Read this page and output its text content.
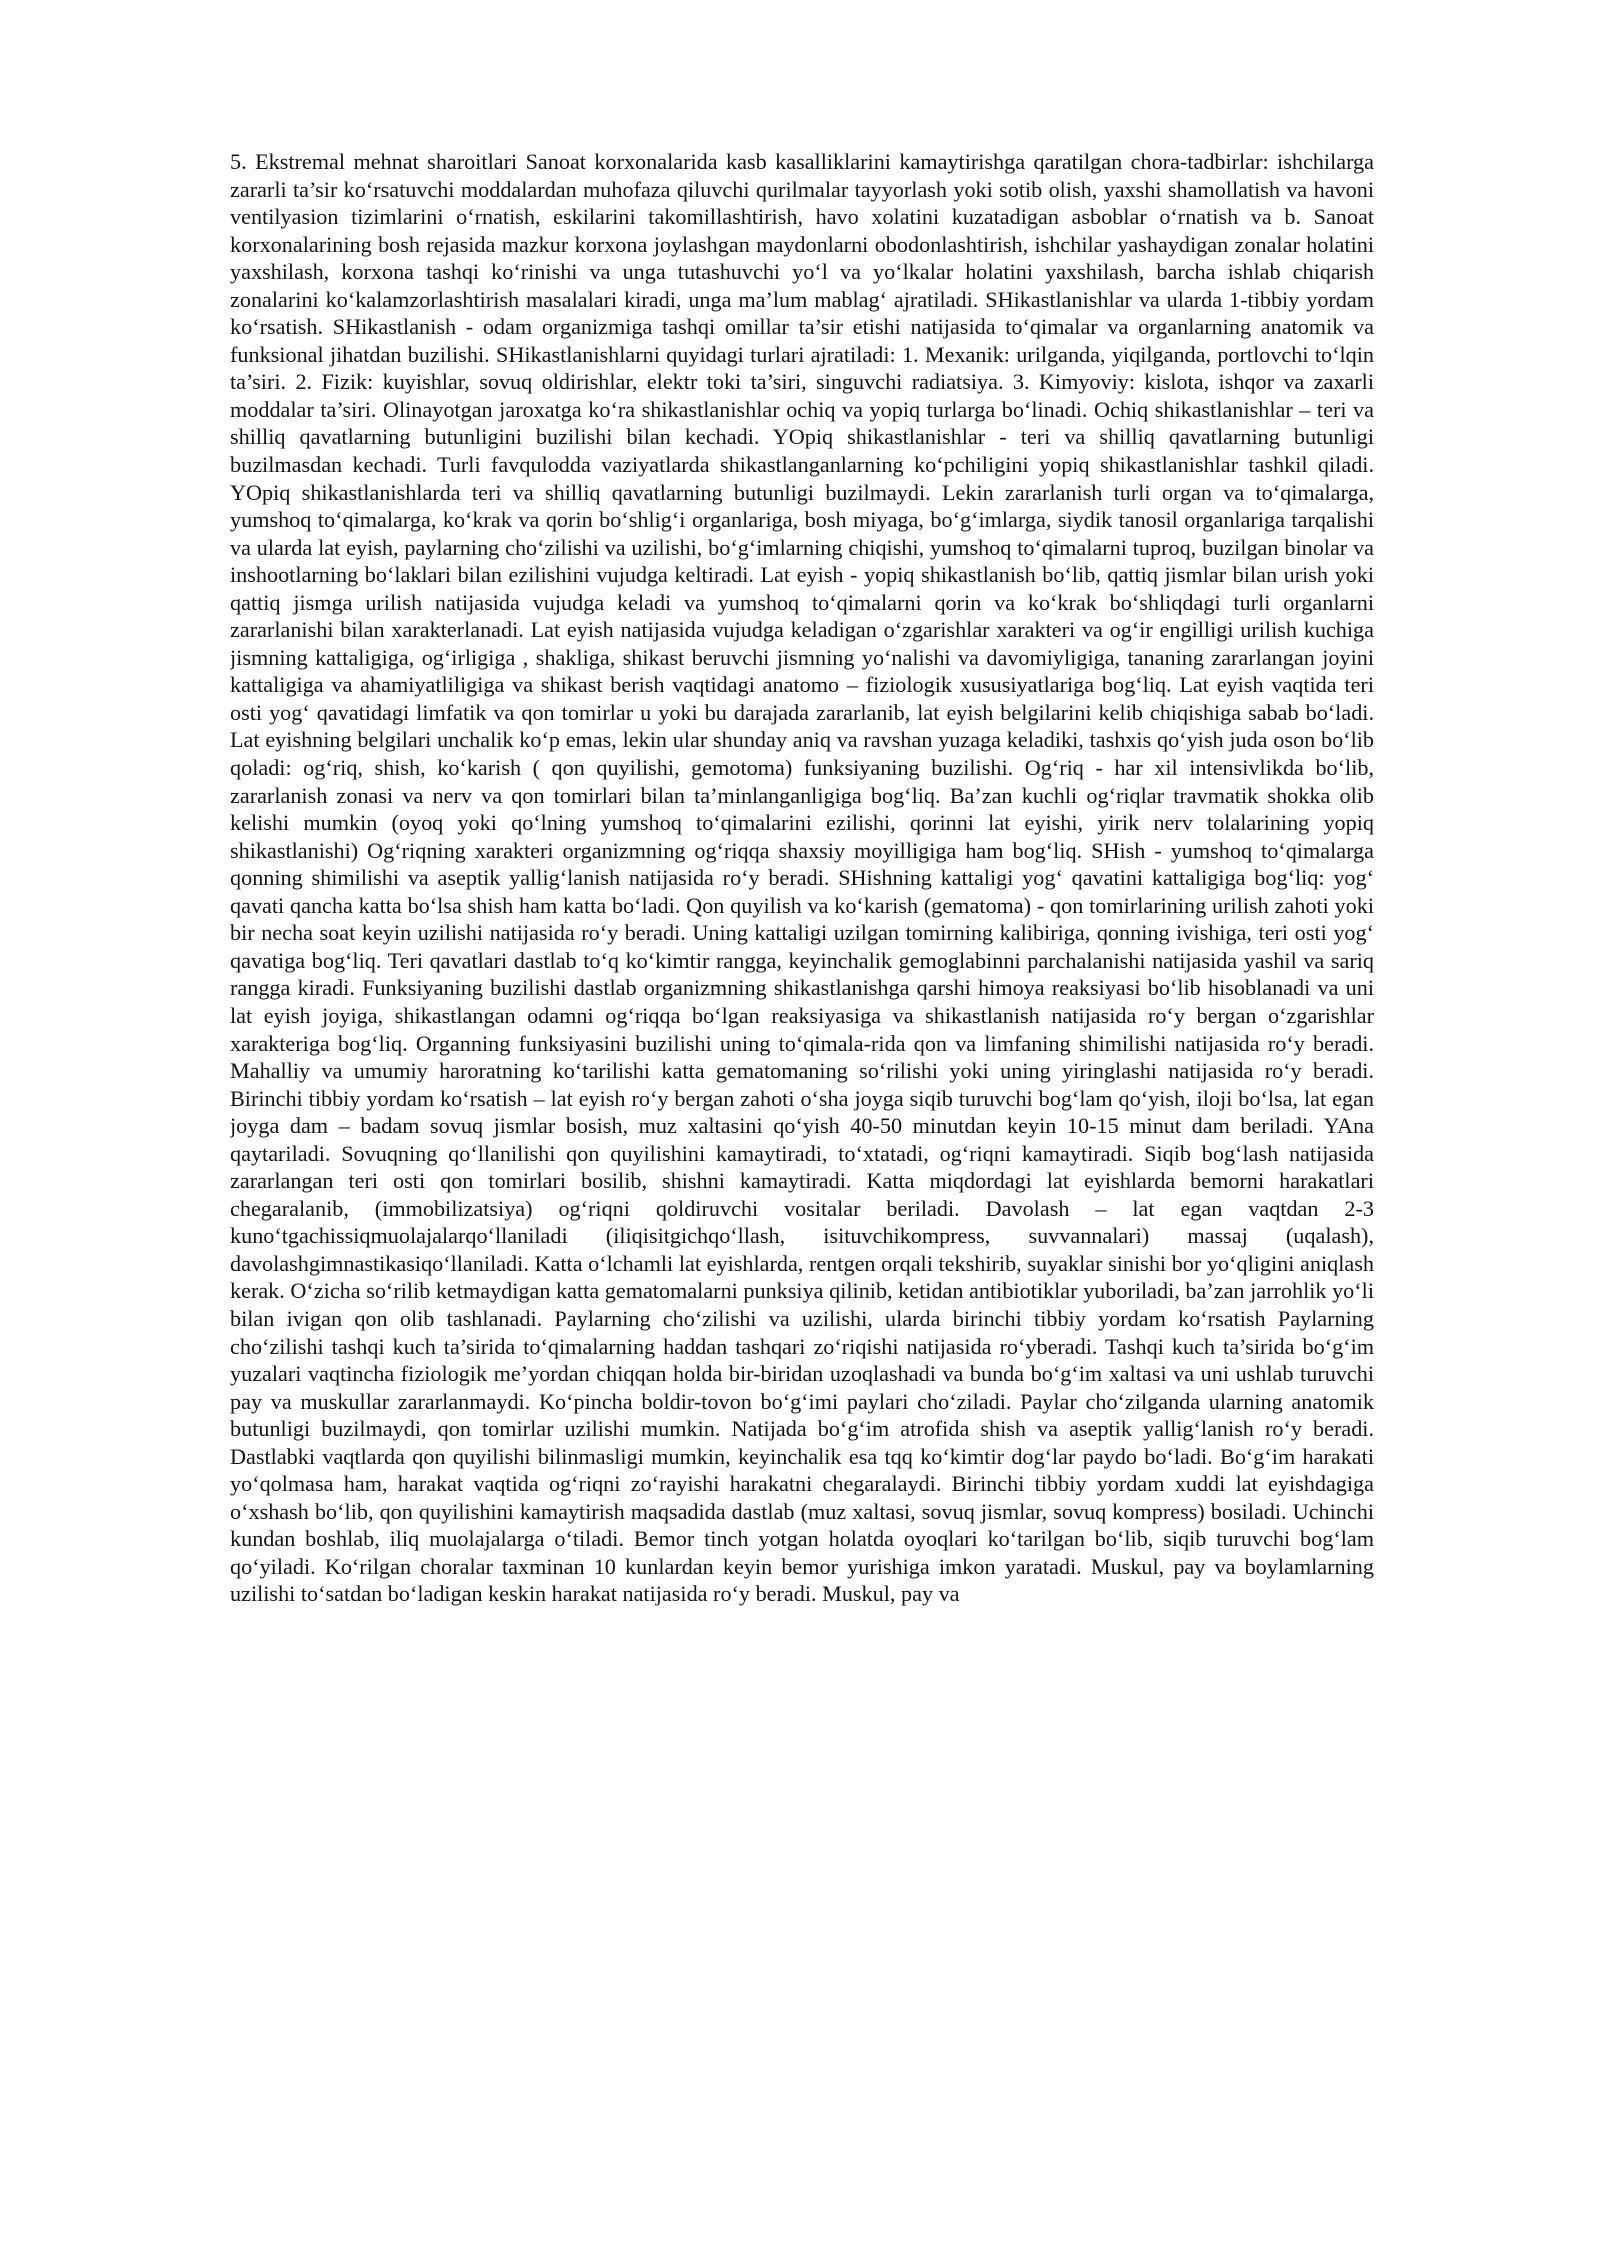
5. Ekstremal mehnat sharoitlari Sanoat korxonalarida kasb kasalliklarini kamaytirishga qaratilgan chora-tadbirlar: ishchilarga zararli ta’sir ko‘rsatuvchi moddalardan muhofaza qiluvchi qurilmalar tayyorlash yoki sotib olish, yaxshi shamollatish va havoni ventilyasion tizimlarini o‘rnatish, eskilarini takomillashtirish, havo xolatini kuzatadigan asboblar o‘rnatish va b. Sanoat korxonalarining bosh rejasida mazkur korxona joylashgan maydonlarni obodonlashtirish, ishchilar yashaydigan zonalar holatini yaxshilash, korxona tashqi ko‘rinishi va unga tutashuvchi yo‘l va yo‘lkalar holatini yaxshilash, barcha ishlab chiqarish zonalarini ko‘kalamzorlashtirish masalalari kiradi, unga ma’lum mablag‘ ajratiladi. SHikastlanishlar va ularda 1-tibbiy yordam ko‘rsatish. SHikastlanish - odam organizmiga tashqi omillar ta’sir etishi natijasida to‘qimalar va organlarning anatomik va funksional jihatdan buzilishi. SHikastlanishlarni quyidagi turlari ajratiladi: 1. Mexanik: urilganda, yiqilganda, portlovchi to‘lqin ta’siri. 2. Fizik: kuyishlar, sovuq oldirishlar, elektr toki ta’siri, singuvchi radiatsiya. 3. Kimyoviy: kislota, ishqor va zaxarli moddalar ta’siri. Olinayotgan jaroxatga ko‘ra shikastlanishlar ochiq va yopiq turlarga bo‘linadi. Ochiq shikastlanishlar – teri va shilliq qavatlarning butunligini buzilishi bilan kechadi. YOpiq shikastlanishlar - teri va shilliq qavatlarning butunligi buzilmasdan kechadi. Turli favqulodda vaziyatlarda shikastlanganlarning ko‘pchiligini yopiq shikastlanishlar tashkil qiladi. YOpiq shikastlanishlarda teri va shilliq qavatlarning butunligi buzilmaydi. Lekin zararlanish turli organ va to‘qimalarga, yumshoq to‘qimalarga, ko‘krak va qorin bo‘shlig‘i organlariga, bosh miyaga, bo‘g‘imlarga, siydik tanosil organlariga tarqalishi va ularda lat eyish, paylarning cho‘zilishi va uzilishi, bo‘g‘imlarning chiqishi, yumshoq to‘qimalarni tuproq, buzilgan binolar va inshootlarning bo‘laklari bilan ezilishini vujudga keltiradi. Lat eyish - yopiq shikastlanish bo‘lib, qattiq jismlar bilan urish yoki qattiq jismga urilish natijasida vujudga keladi va yumshoq to‘qimalarni qorin va ko‘krak bo‘shliqdagi turli organlarni zararlanishi bilan xarakterlanadi. Lat eyish natijasida vujudga keladigan o‘zgarishlar xarakteri va og‘ir engilligi urilish kuchiga jismning kattaligiga, og‘irligiga , shakliga, shikast beruvchi jismning yo‘nalishi va davomiyligiga, tananing zararlangan joyini kattaligiga va ahamiyatliligiga va shikast berish vaqtidagi anatomo – fiziologik xususiyatlariga bog‘liq. Lat eyish vaqtida teri osti yog‘ qavatidagi limfatik va qon tomirlar u yoki bu darajada zararlanib, lat eyish belgilarini kelib chiqishiga sabab bo‘ladi. Lat eyishning belgilari unchalik ko‘p emas, lekin ular shunday aniq va ravshan yuzaga keladiki, tashxis qo‘yish juda oson bo‘lib qoladi: og‘riq, shish, ko‘karish ( qon quyilishi, gemotoma) funksiyaning buzilishi. Og‘riq - har xil intensivlikda bo‘lib, zararlanish zonasi va nerv va qon tomirlari bilan ta’minlanganligiga bog‘liq. Ba’zan kuchli og‘riqlar travmatik shokka olib kelishi mumkin (oyoq yoki qo‘lning yumshoq to‘qimalarini ezilishi, qorinni lat eyishi, yirik nerv tolalarining yopiq shikastlanishi) Og‘riqning xarakteri organizmning og‘riqqa shaxsiy moyilligiga ham bog‘liq. SHish - yumshoq to‘qimalarga qonning shimilishi va aseptik yallig‘lanish natijasida ro‘y beradi. SHishning kattaligi yog‘ qavatini kattaligiga bog‘liq: yog‘ qavati qancha katta bo‘lsa shish ham katta bo‘ladi. Qon quyilish va ko‘karish (gematoma) - qon tomirlarining urilish zahoti yoki bir necha soat keyin uzilishi natijasida ro‘y beradi. Uning kattaligi uzilgan tomirning kalibiriga, qonning ivishiga, teri osti yog‘ qavatiga bog‘liq. Teri qavatlari dastlab to‘q ko‘kimtir rangga, keyinchalik gemoglabinni parchalanishi natijasida yashil va sariq rangga kiradi. Funksiyaning buzilishi dastlab organizmning shikastlanishga qarshi himoya reaksiyasi bo‘lib hisoblanadi va uni lat eyish joyiga, shikastlangan odamni og‘riqqa bo‘lgan reaksiyasiga va shikastlanish natijasida ro‘y bergan o‘zgarishlar xarakteriga bog‘liq. Organning funksiyasini buzilishi uning to‘qimala-rida qon va limfaning shimilishi natijasida ro‘y beradi. Mahalliy va umumiy haroratning ko‘tarilishi katta gematomaning so‘rilishi yoki uning yiringlashi natijasida ro‘y beradi. Birinchi tibbiy yordam ko‘rsatish – lat eyish ro‘y bergan zahoti o‘sha joyga siqib turuvchi bog‘lam qo‘yish, iloji bo‘lsa, lat egan joyga dam – badam sovuq jismlar bosish, muz xaltasini qo‘yish 40-50 minutdan keyin 10-15 minut dam beriladi. YAna qaytariladi. Sovuqning qo‘llanilishi qon quyilishini kamaytiradi, to‘xtatadi, og‘riqni kamaytiradi. Siqib bog‘lash natijasida zararlangan teri osti qon tomirlari bosilib, shishni kamaytiradi. Katta miqdordagi lat eyishlarda bemorni harakatlari chegaralanib, (immobilizatsiya) og‘riqni qoldiruvchi vositalar beriladi. Davolash – lat egan vaqtdan 2-3 kuno‘tgachissiqmuolajalarqo‘llaniladi (iliqisitgichqo‘llash, isituvchikompress, suvvannalari) massaj (uqalash), davolashgimnastikasiqo‘llaniladi. Katta o‘lchamli lat eyishlarda, rentgen orqali tekshirib, suyaklar sinishi bor yo‘qligini aniqlash kerak. O‘zicha so‘rilib ketmaydigan katta gematomalarni punksiya qilinib, ketidan antibiotiklar yuboriladi, ba’zan jarrohlik yo‘li bilan ivigan qon olib tashlanadi. Paylarning cho‘zilishi va uzilishi, ularda birinchi tibbiy yordam ko‘rsatish Paylarning cho‘zilishi tashqi kuch ta’sirida to‘qimalarning haddan tashqari zo‘riqishi natijasida ro‘yberadi. Tashqi kuch ta’sirida bo‘g‘im yuzalari vaqtincha fiziologik me’yordan chiqqan holda bir-biridan uzoqlashadi va bunda bo‘g‘im xaltasi va uni ushlab turuvchi pay va muskullar zararlanmaydi. Ko‘pincha boldir-tovon bo‘g‘imi paylari cho‘ziladi. Paylar cho‘zilganda ularning anatomik butunligi buzilmaydi, qon tomirlar uzilishi mumkin. Natijada bo‘g‘im atrofida shish va aseptik yallig‘lanish ro‘y beradi. Dastlabki vaqtlarda qon quyilishi bilinmasligi mumkin, keyinchalik esa tqq ko‘kimtir dog‘lar paydo bo‘ladi. Bo‘g‘im harakati yo‘qolmasa ham, harakat vaqtida og‘riqni zo‘rayishi harakatni chegaralaydi. Birinchi tibbiy yordam xuddi lat eyishdagiga o‘xshash bo‘lib, qon quyilishini kamaytirish maqsadida dastlab (muz xaltasi, sovuq jismlar, sovuq kompress) bosiladi. Uchinchi kundan boshlab, iliq muolajalarga o‘tiladi. Bemor tinch yotgan holatda oyoqlari ko‘tarilgan bo‘lib, siqib turuvchi bog‘lam qo‘yiladi. Ko‘rilgan choralar taxminan 10 kunlardan keyin bemor yurishiga imkon yaratadi. Muskul, pay va boylamlarning uzilishi to‘satdan bo‘ladigan keskin harakat natijasida ro‘y beradi. Muskul, pay va
